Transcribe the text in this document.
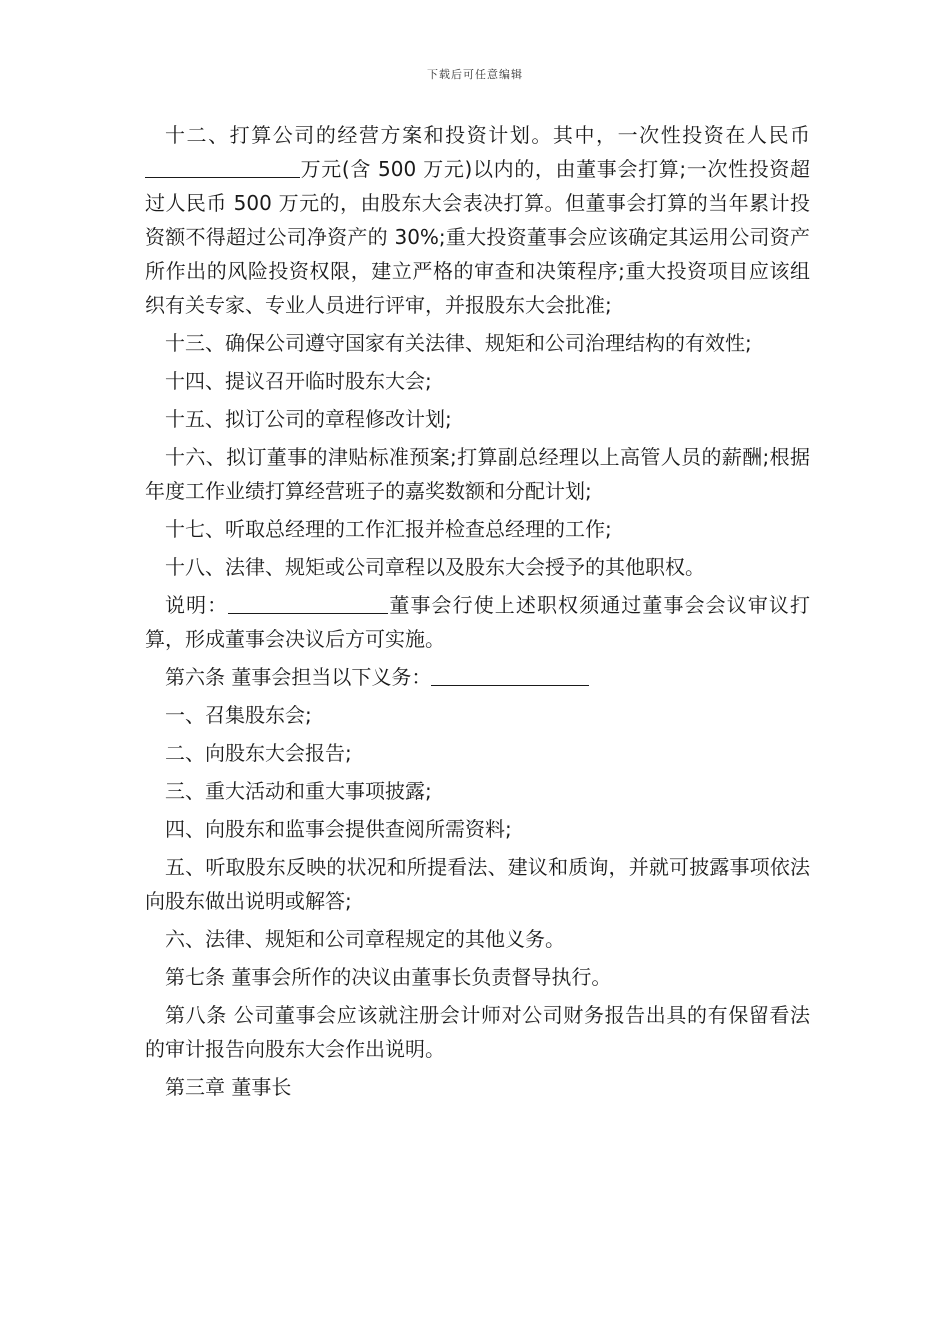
下载后可任意编辑

十二、打算公司的经营方案和投资计划。其中，一次性投资在人民币万元(含 500 万元)以内的，由董事会打算;一次性投资超过人民币 500 万元的，由股东大会表决打算。但董事会打算的当年累计投资额不得超过公司净资产的 30%;重大投资董事会应该确定其运用公司资产所作出的风险投资权限，建立严格的审查和决策程序;重大投资项目应该组织有关专家、专业人员进行评审，并报股东大会批准;

十三、确保公司遵守国家有关法律、规矩和公司治理结构的有效性;

十四、提议召开临时股东大会;

十五、拟订公司的章程修改计划;

十六、拟订董事的津贴标准预案;打算副总经理以上高管人员的薪酬;根据年度工作业绩打算经营班子的嘉奖数额和分配计划;

十七、听取总经理的工作汇报并检查总经理的工作;

十八、法律、规矩或公司章程以及股东大会授予的其他职权。

说明：	董事会行使上述职权须通过董事会会议审议打算，形成董事会决议后方可实施。

第六条 董事会担当以下义务：

一、召集股东会;

二、向股东大会报告;

三、重大活动和重大事项披露;

四、向股东和监事会提供查阅所需资料;

五、听取股东反映的状况和所提看法、建议和质询，并就可披露事项依法向股东做出说明或解答;

六、法律、规矩和公司章程规定的其他义务。

第七条 董事会所作的决议由董事长负责督导执行。

第八条 公司董事会应该就注册会计师对公司财务报告出具的有保留看法的审计报告向股东大会作出说明。

第三章 董事长
